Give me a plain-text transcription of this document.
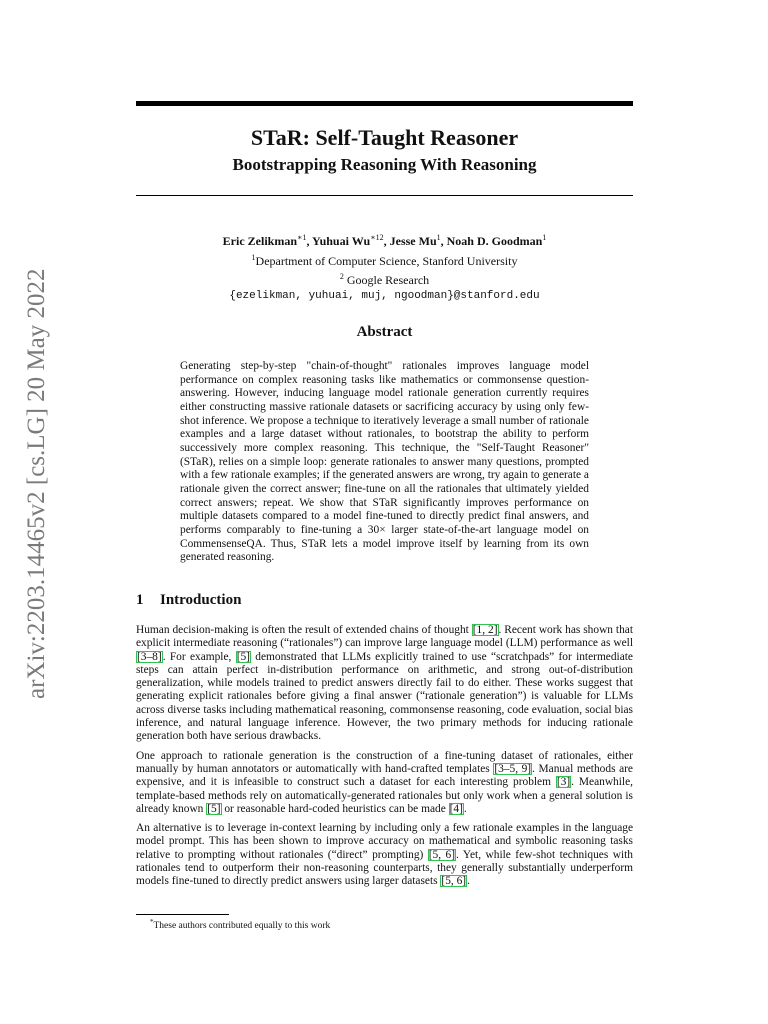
arXiv:2203.14465v2 [cs.LG] 20 May 2022
STaR: Self-Taught Reasoner
Bootstrapping Reasoning With Reasoning
Eric Zelikman$^{∗1}$, Yuhuai $Wu^{∗12}$, Jesse Mu$^1$, Noah D. Goodman$^1$
$^1$Department of Computer Science, Stanford University
$^2$ Google Research
{ezelikman, yuhuai, muj, ngoodman}@stanford.edu
Abstract

Generating step-by-step "chain-of-thought" rationales improves language model performance on complex reasoning tasks like mathematics or commonsense question-answering. However, inducing language model rationale generation currently requires either constructing massive rationale datasets or sacrificing accuracy by using only few-shot inference. We propose a technique to iteratively leverage a small number of rationale examples and a large dataset without rationales, to bootstrap the ability to perform successively more complex reasoning. This technique, the "Self-Taught Reasoner" (STaR), relies on a simple loop: generate rationales to answer many questions, prompted with a few rationale examples; if the generated answers are wrong, try again to generate a rationale given the correct answer; fine-tune on all the rationales that ultimately yielded correct answers; repeat. We show that STaR significantly improves performance on multiple datasets compared to a model fine-tuned to directly predict final answers, and performs comparably to fine-tuning a 30× larger state-of-the-art language model on CommensenseQA. Thus, STaR lets a model improve itself by learning from its own generated reasoning.

1 Introduction

Human decision-making is often the result of extended chains of thought [1, 2]. Recent work has shown that explicit intermediate reasoning (“rationales”) can improve large language model (LLM) performance as well [3–8]. For example, [5] demonstrated that LLMs explicitly trained to use “scratchpads” for intermediate steps can attain perfect in-distribution performance on arithmetic, and strong out-of-distribution generalization, while models trained to predict answers directly fail to do either. These works suggest that generating explicit rationales before giving a final answer (“rationale generation”) is valuable for LLMs across diverse tasks including mathematical reasoning, commonsense reasoning, code evaluation, social bias inference, and natural language inference. However, the two primary methods for inducing rationale generation both have serious drawbacks.

One approach to rationale generation is the construction of a fine-tuning dataset of rationales, either manually by human annotators or automatically with hand-crafted templates [3–5, 9]. Manual methods are expensive, and it is infeasible to construct such a dataset for each interesting problem [3]. Meanwhile, template-based methods rely on automatically-generated rationales but only work when a general solution is already known [5] or reasonable hard-coded heuristics can be made [4].

An alternative is to leverage in-context learning by including only a few rationale examples in the language model prompt. This has been shown to improve accuracy on mathematical and symbolic reasoning tasks relative to prompting without rationales (“direct” prompting) [5, 6]. Yet, while few-shot techniques with rationales tend to outperform their non-reasoning counterparts, they generally substantially underperform models fine-tuned to directly predict answers using larger datasets [5, 6].

*These authors contributed equally to this work
